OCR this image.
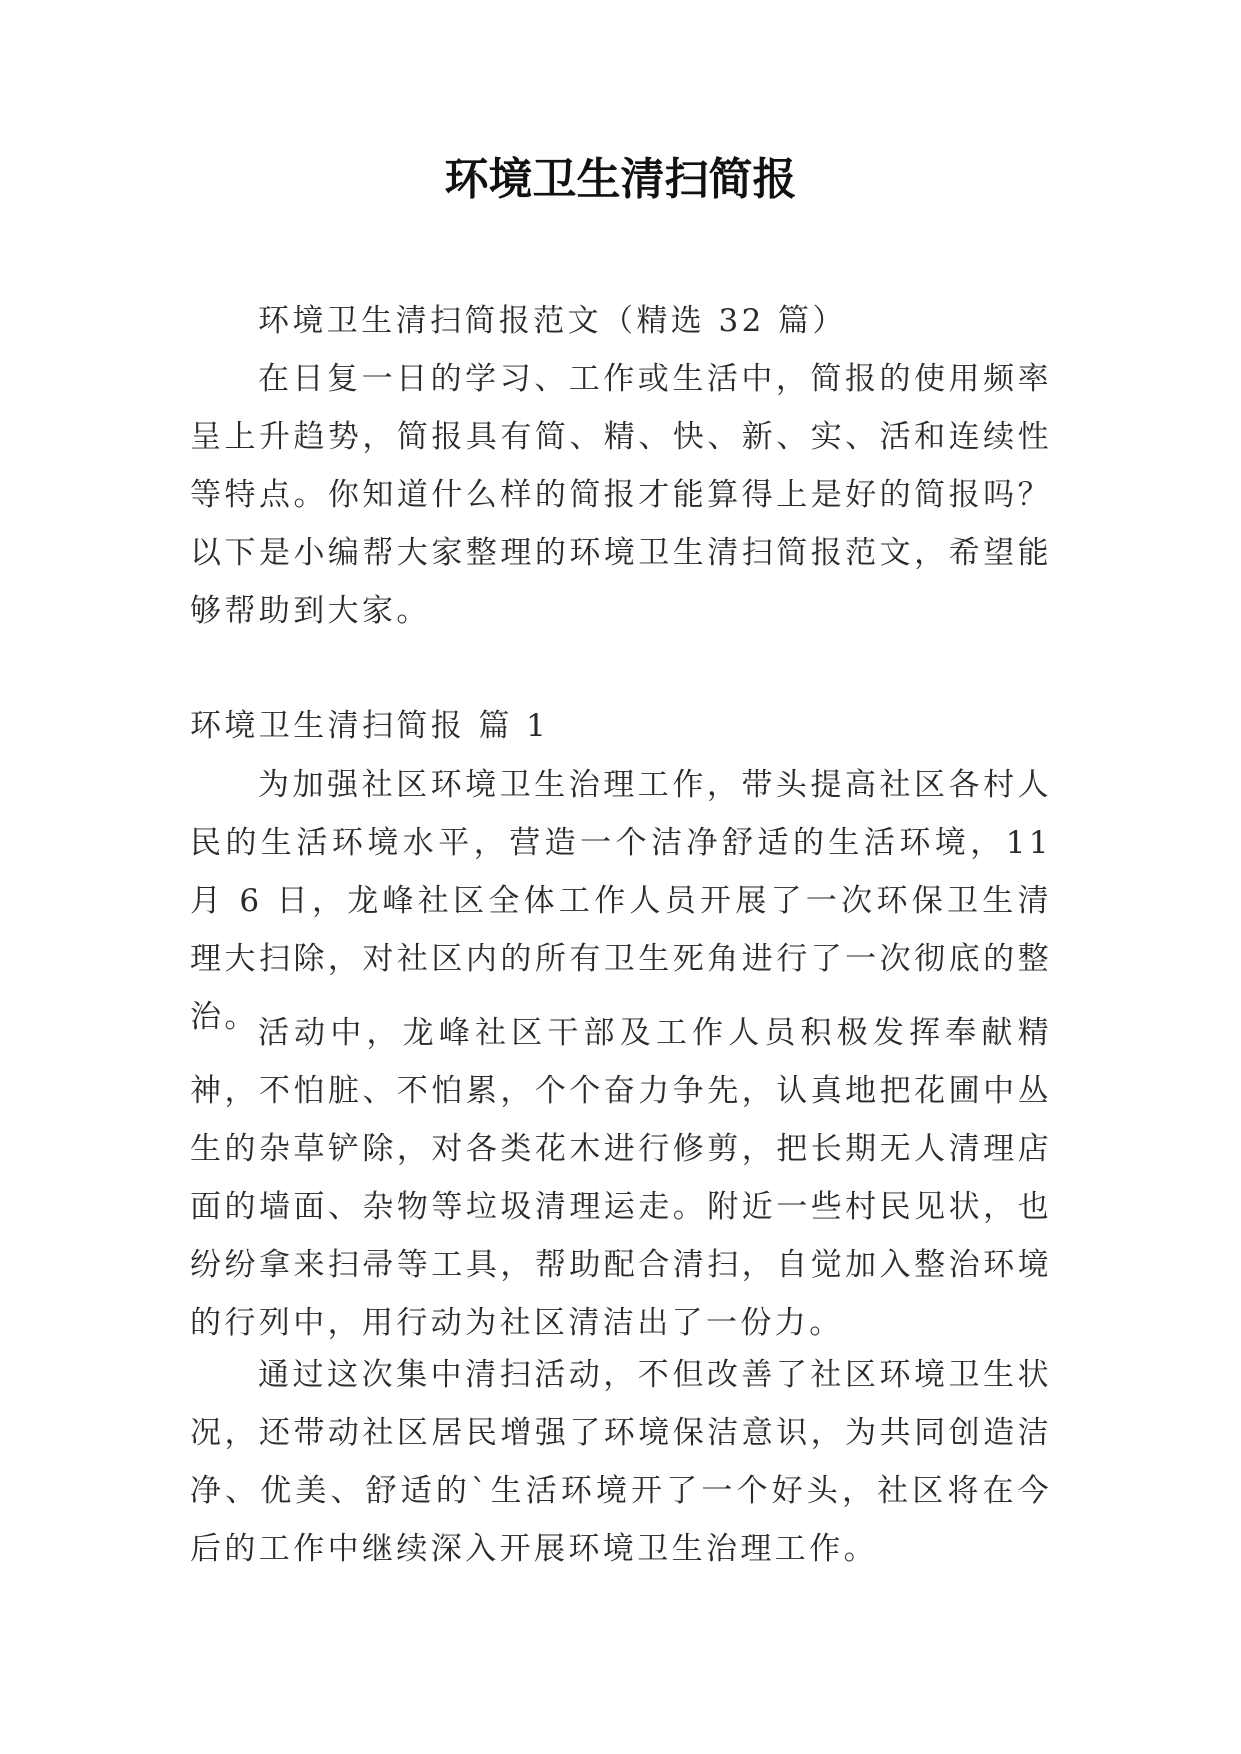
环境卫生清扫简报

环境卫生清扫简报范文（精选 32 篇）

在日复一日的学习、工作或生活中，简报的使用频率呈上升趋势，简报具有简、精、快、新、实、活和连续性等特点。你知道什么样的简报才能算得上是好的简报吗？以下是小编帮大家整理的环境卫生清扫简报范文，希望能够帮助到大家。

环境卫生清扫简报 篇 1

为加强社区环境卫生治理工作，带头提高社区各村人民的生活环境水平，营造一个洁净舒适的生活环境，11 月 6 日，龙峰社区全体工作人员开展了一次环保卫生清理大扫除，对社区内的所有卫生死角进行了一次彻底的整治。 活动中，龙峰社区干部及工作人员积极发挥奉献精神，不怕脏、不怕累，个个奋力争先，认真地把花圃中丛生的杂草铲除，对各类花木进行修剪，把长期无人清理店面的墙面、杂物等垃圾清理运走。附近一些村民见状，也纷纷拿来扫帚等工具，帮助配合清扫，自觉加入整治环境的行列中，用行动为社区清洁出了一份力。

通过这次集中清扫活动，不但改善了社区环境卫生状况，还带动社区居民增强了环境保洁意识，为共同创造洁净、优美、舒适的`生活环境开了一个好头，社区将在今后的工作中继续深入开展环境卫生治理工作。
